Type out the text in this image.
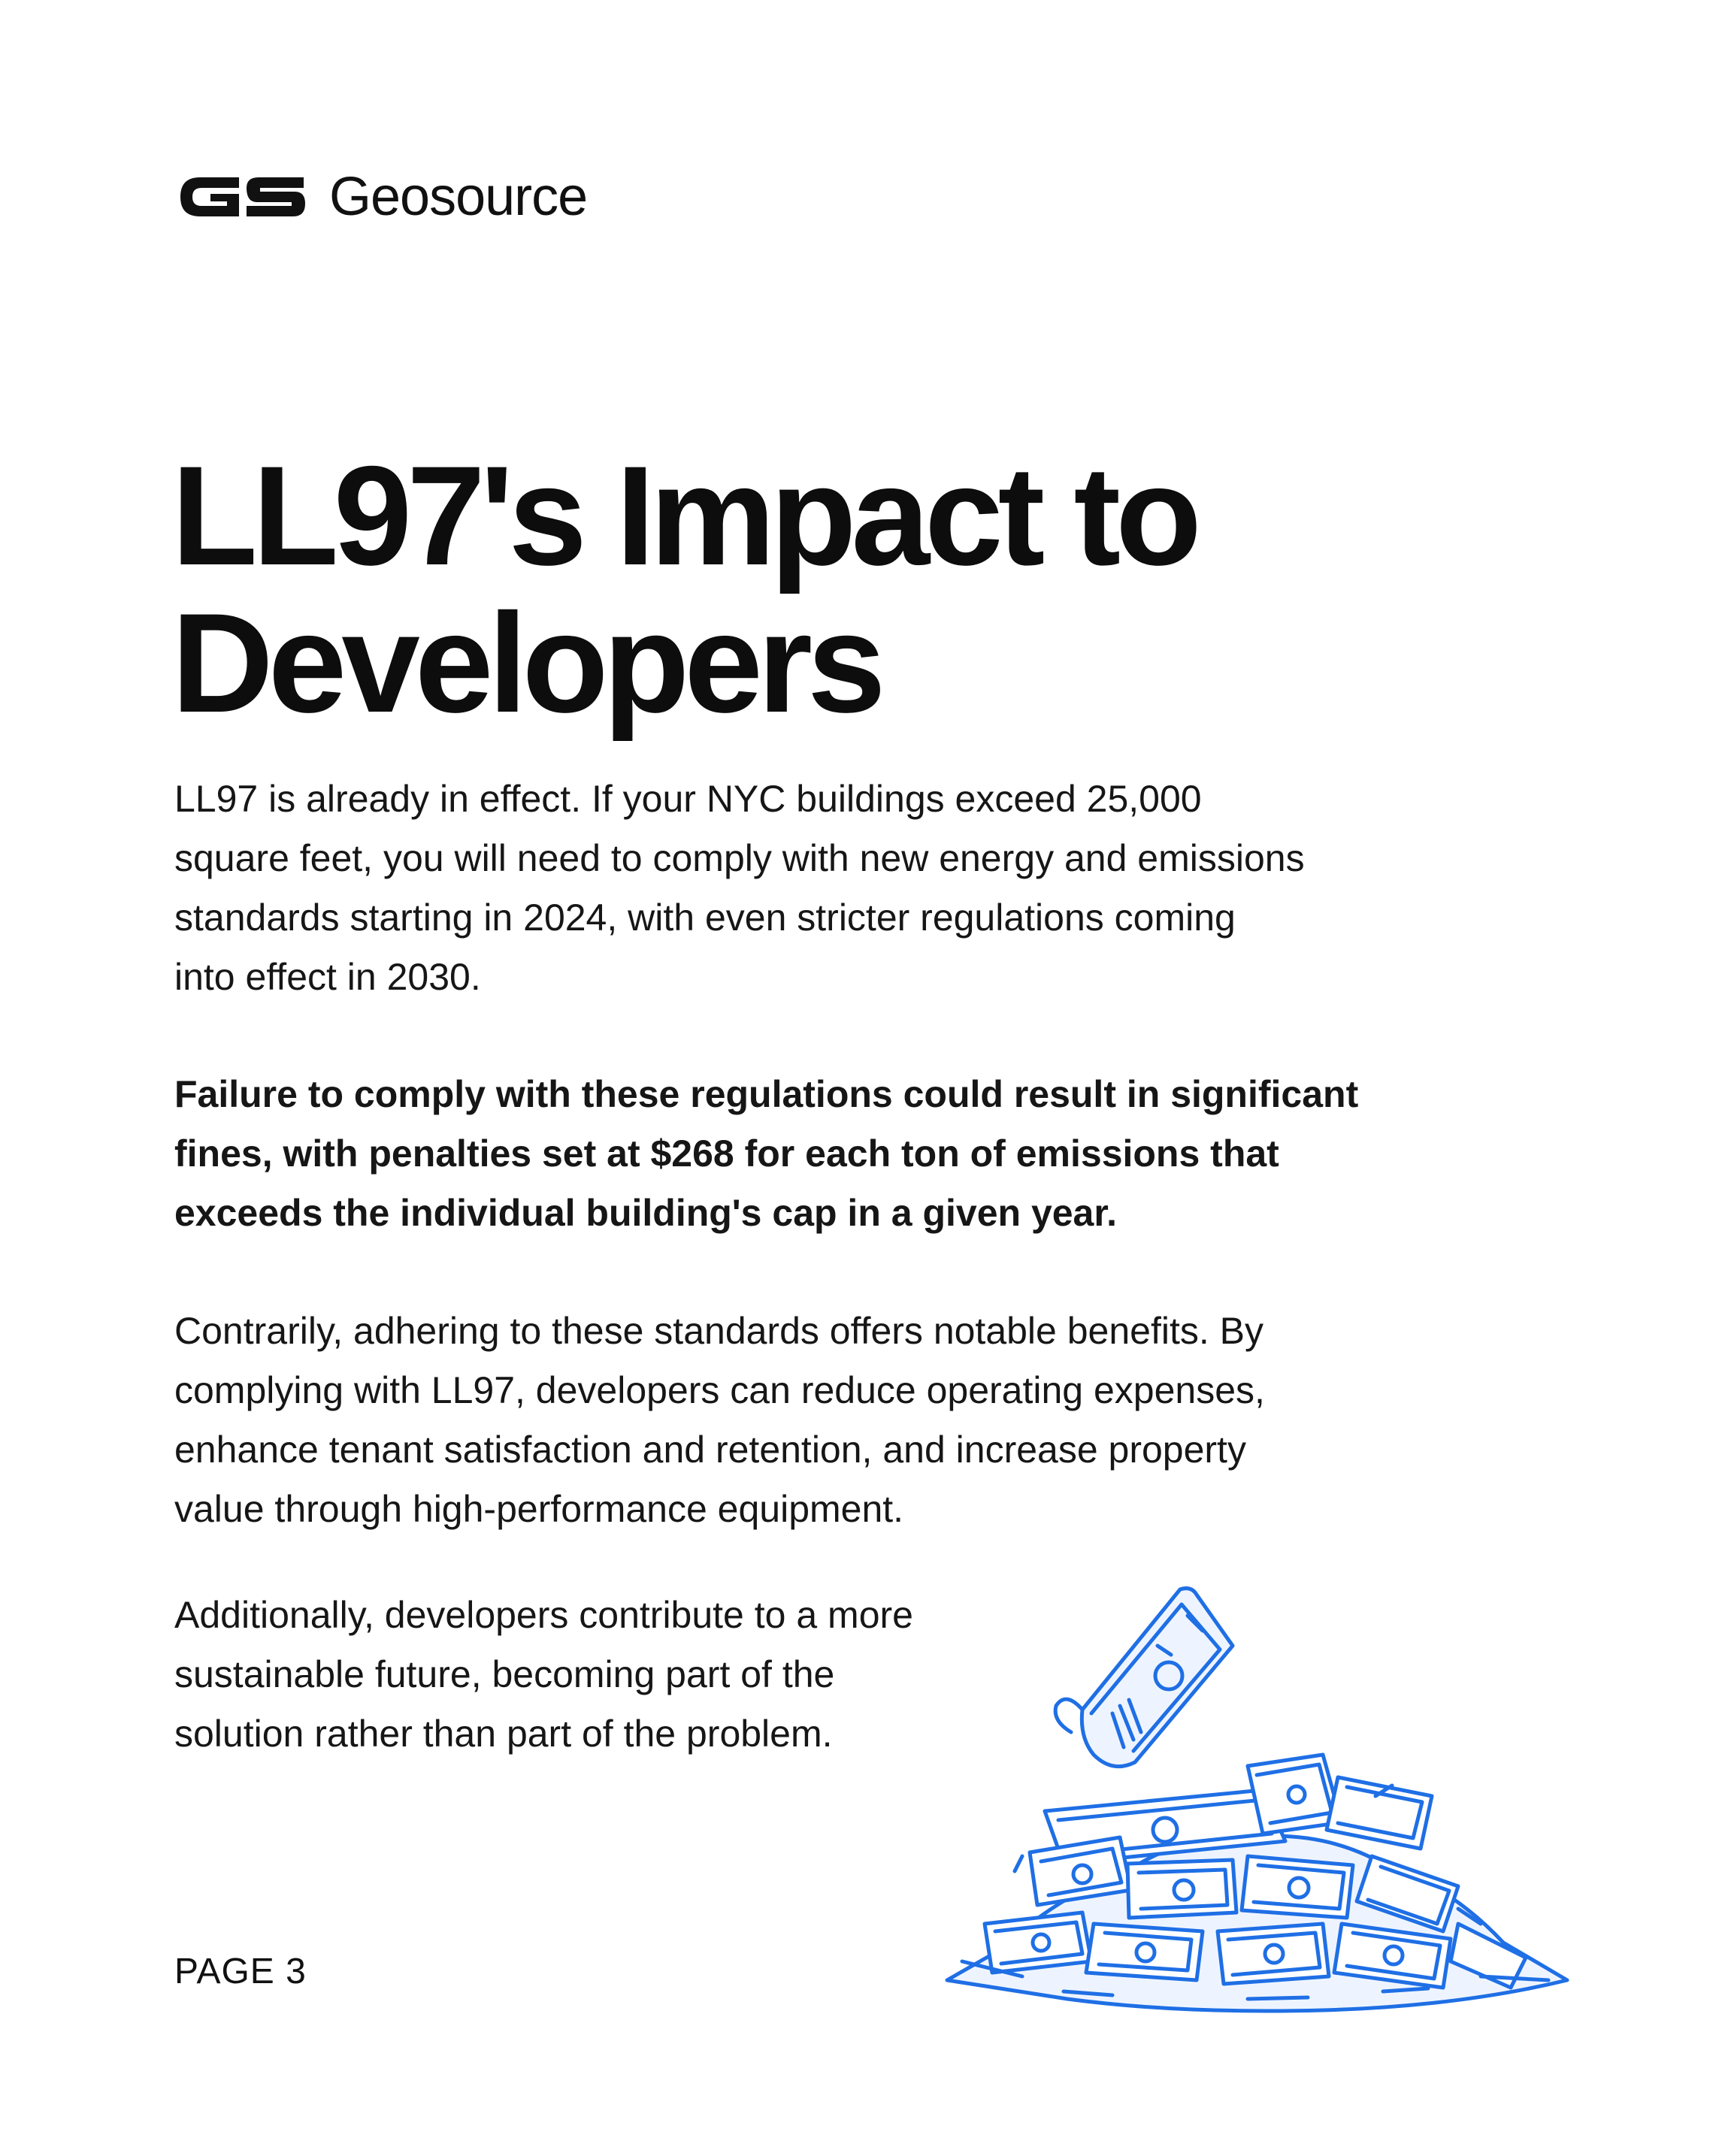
Geosource
LL97's Impact to
Developers

LL97 is already in effect. If your NYC buildings exceed 25,000
square feet, you will need to comply with new energy and emissions
standards starting in 2024, with even stricter regulations coming
into effect in 2030.

Failure to comply with these regulations could result in significant
fines, with penalties set at $268 for each ton of emissions that
exceeds the individual building's cap in a given year.

Contrarily, adhering to these standards offers notable benefits. By
complying with LL97, developers can reduce operating expenses,
enhance tenant satisfaction and retention, and increase property
value through high-performance equipment.

Additionally, developers contribute to a more
sustainable future, becoming part of the
solution rather than part of the problem.

PAGE 3
